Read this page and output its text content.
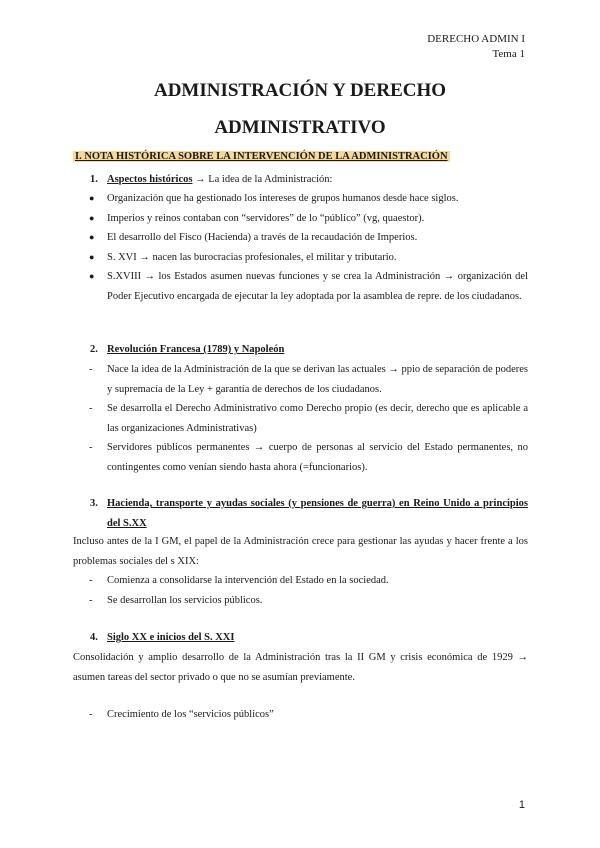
DERECHO ADMIN I
Tema 1
ADMINISTRACIÓN Y DERECHO
ADMINISTRATIVO
I. NOTA HISTÓRICA SOBRE LA INTERVENCIÓN DE LA ADMINISTRACIÓN
1. Aspectos históricos → La idea de la Administración:
● Organización que ha gestionado los intereses de grupos humanos desde hace siglos.
● Imperios y reinos contaban con “servidores” de lo “público” (vg, quaestor).
● El desarrollo del Fisco (Hacienda) a través de la recaudación de Imperios.
● S. XVI → nacen las burocracias profesionales, el militar y tributario.
● S.XVIII → los Estados asumen nuevas funciones y se crea la Administración → organización del Poder Ejecutivo encargada de ejecutar la ley adoptada por la asamblea de repre. de los ciudadanos.
2. Revolución Francesa (1789) y Napoleón
- Nace la idea de la Administración de la que se derivan las actuales → ppio de separación de poderes y supremacía de la Ley + garantía de derechos de los ciudadanos.
- Se desarrolla el Derecho Administrativo como Derecho propio (es decir, derecho que es aplicable a las organizaciones Administrativas)
- Servidores públicos permanentes → cuerpo de personas al servicio del Estado permanentes, no contingentes como venían siendo hasta ahora (=funcionarios).
3. Hacienda, transporte y ayudas sociales (y pensiones de guerra) en Reino Unido a principios del S.XX
Incluso antes de la I GM, el papel de la Administración crece para gestionar las ayudas y hacer frente a los problemas sociales del s XIX:
- Comienza a consolidarse la intervención del Estado en la sociedad.
- Se desarrollan los servicios públicos.
4. Siglo XX e inicios del S. XXI
Consolidación y amplio desarrollo de la Administración tras la II GM y crisis económica de 1929 → asumen tareas del sector privado o que no se asumían previamente.
- Crecimiento de los “servicios públicos”
1
